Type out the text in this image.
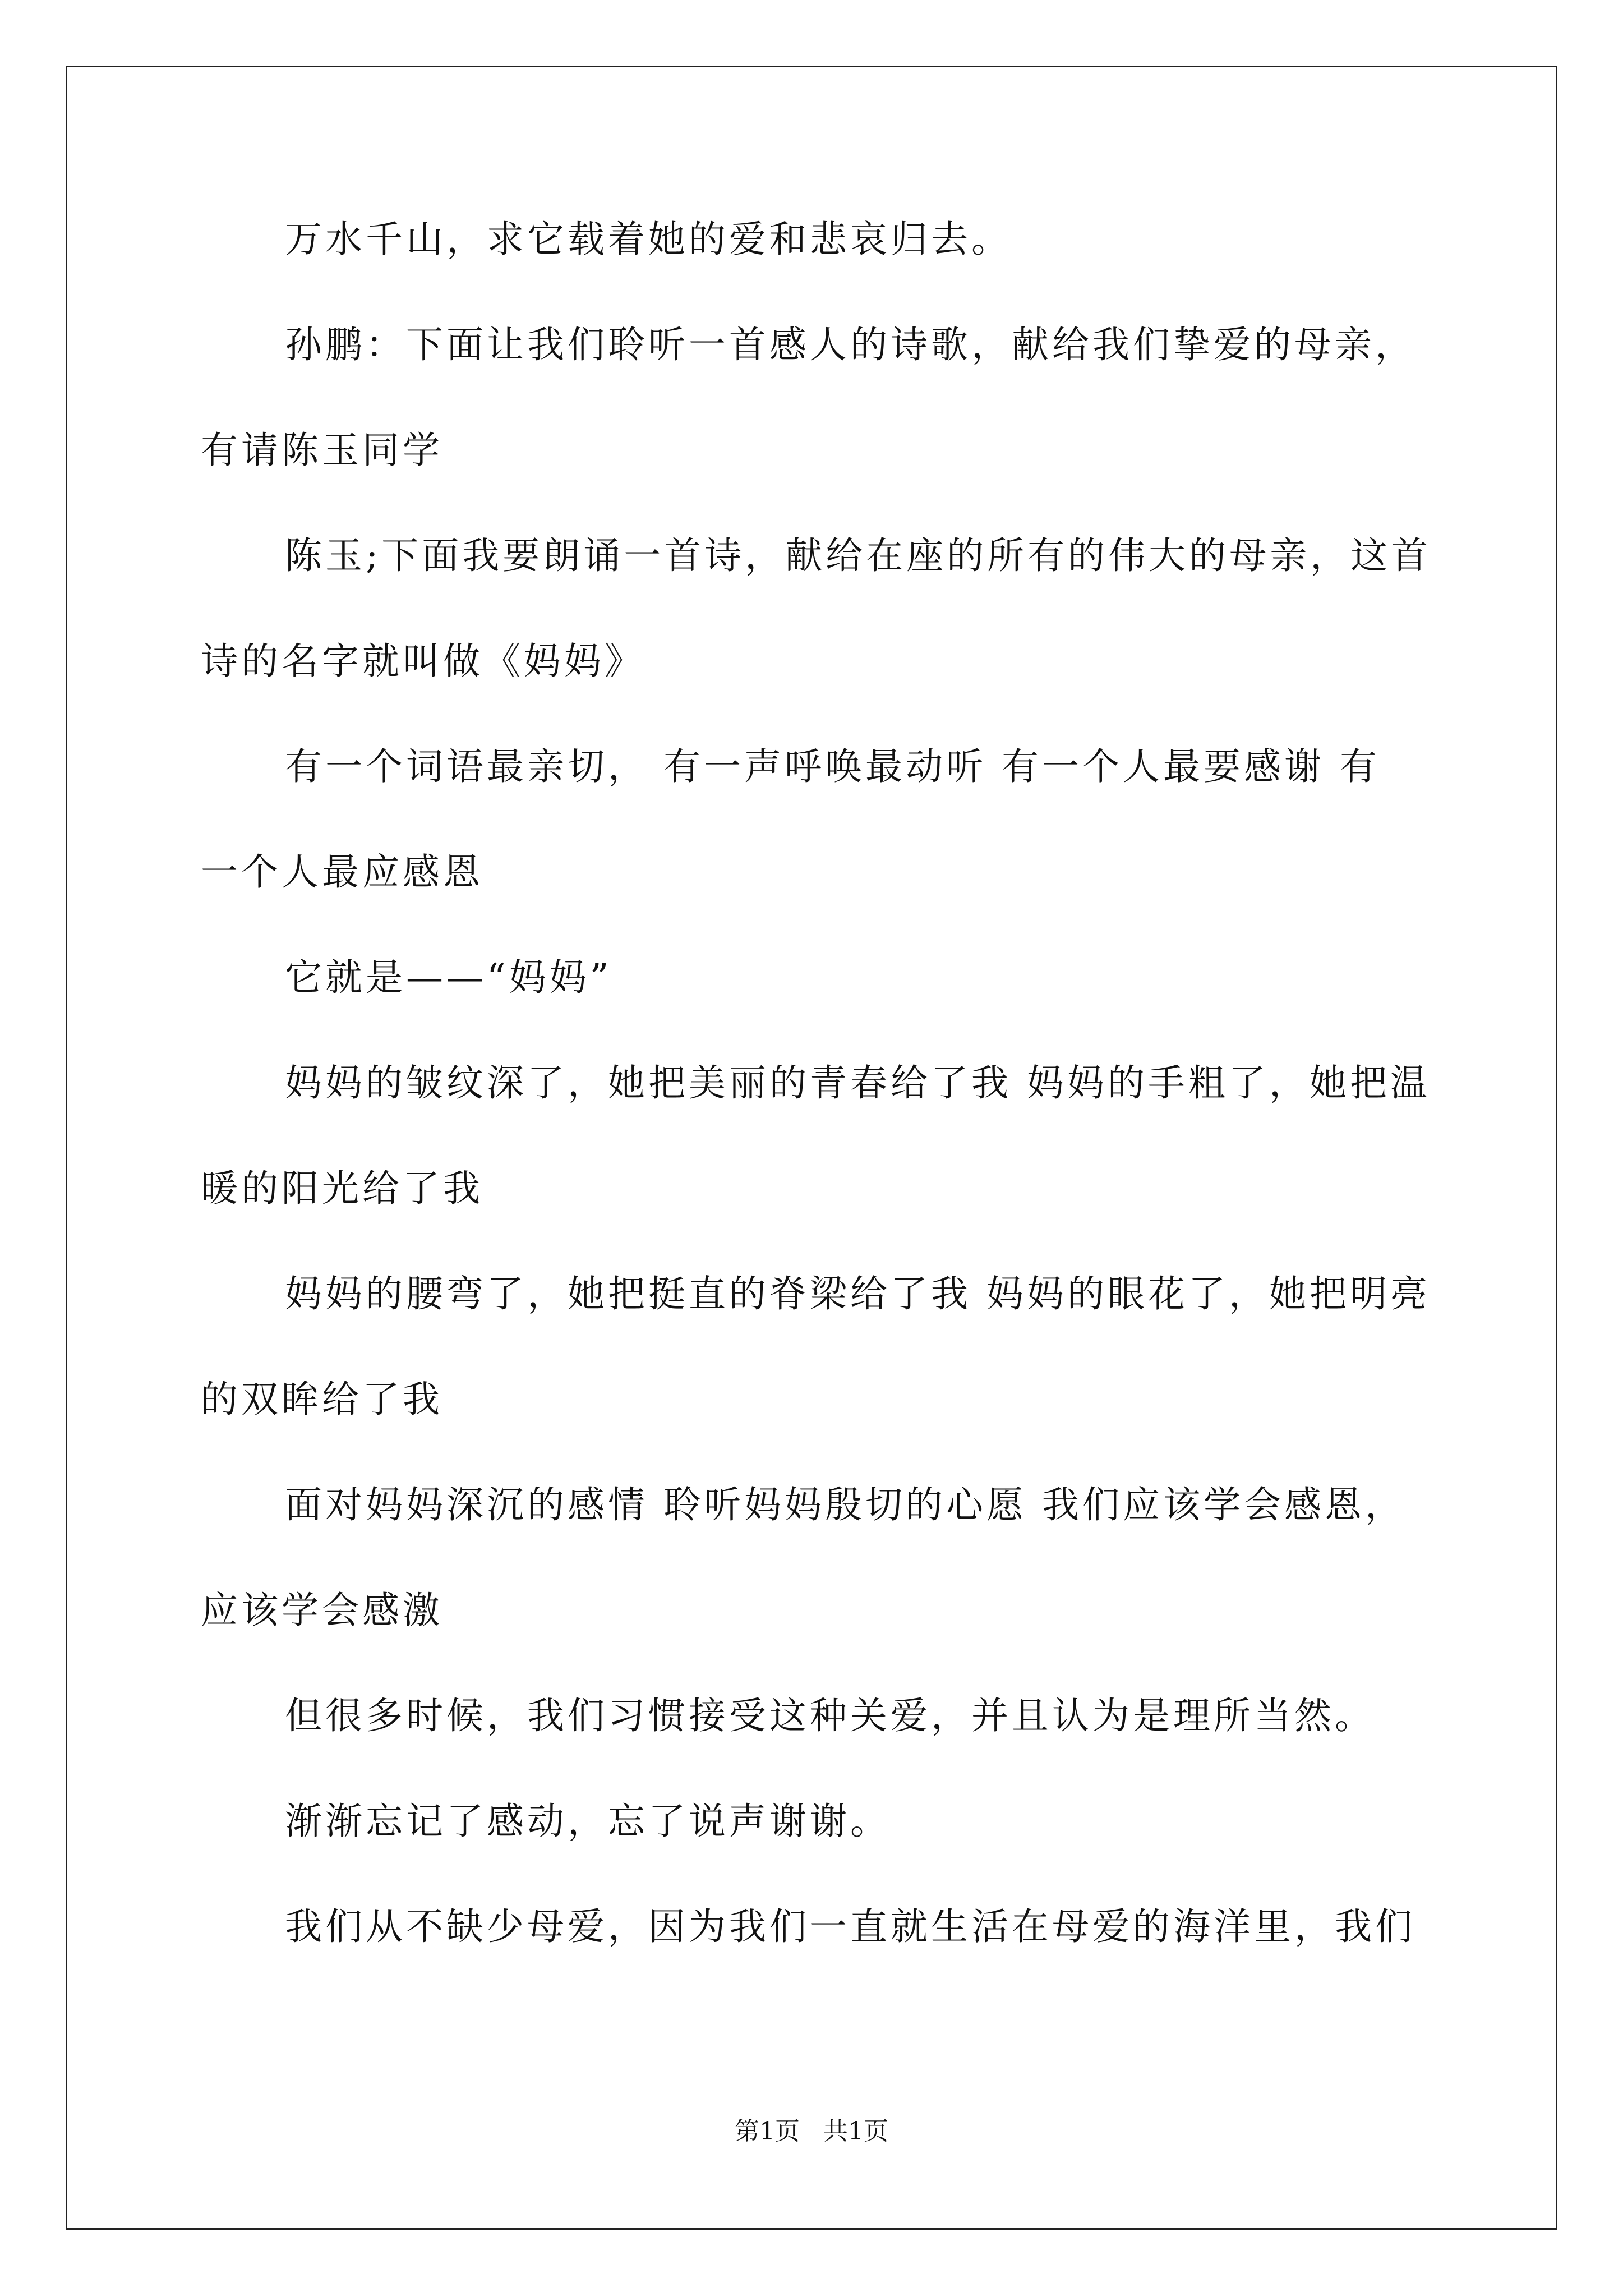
万水千山，求它载着她的爱和悲哀归去。
孙鹏：下面让我们聆听一首感人的诗歌，献给我们挚爱的母亲，
有请陈玉同学
陈玉;下面我要朗诵一首诗，献给在座的所有的伟大的母亲，这首
诗的名字就叫做《妈妈》
有一个词语最亲切， 有一声呼唤最动听 有一个人最要感谢 有
一个人最应感恩
它就是——“妈妈”
妈妈的皱纹深了，她把美丽的青春给了我 妈妈的手粗了，她把温
暖的阳光给了我
妈妈的腰弯了，她把挺直的脊梁给了我 妈妈的眼花了，她把明亮
的双眸给了我
面对妈妈深沉的感情 聆听妈妈殷切的心愿 我们应该学会感恩，
应该学会感激
但很多时候，我们习惯接受这种关爱，并且认为是理所当然。
渐渐忘记了感动，忘了说声谢谢。
我们从不缺少母爱，因为我们一直就生活在母爱的海洋里，我们
第1页   共1页
